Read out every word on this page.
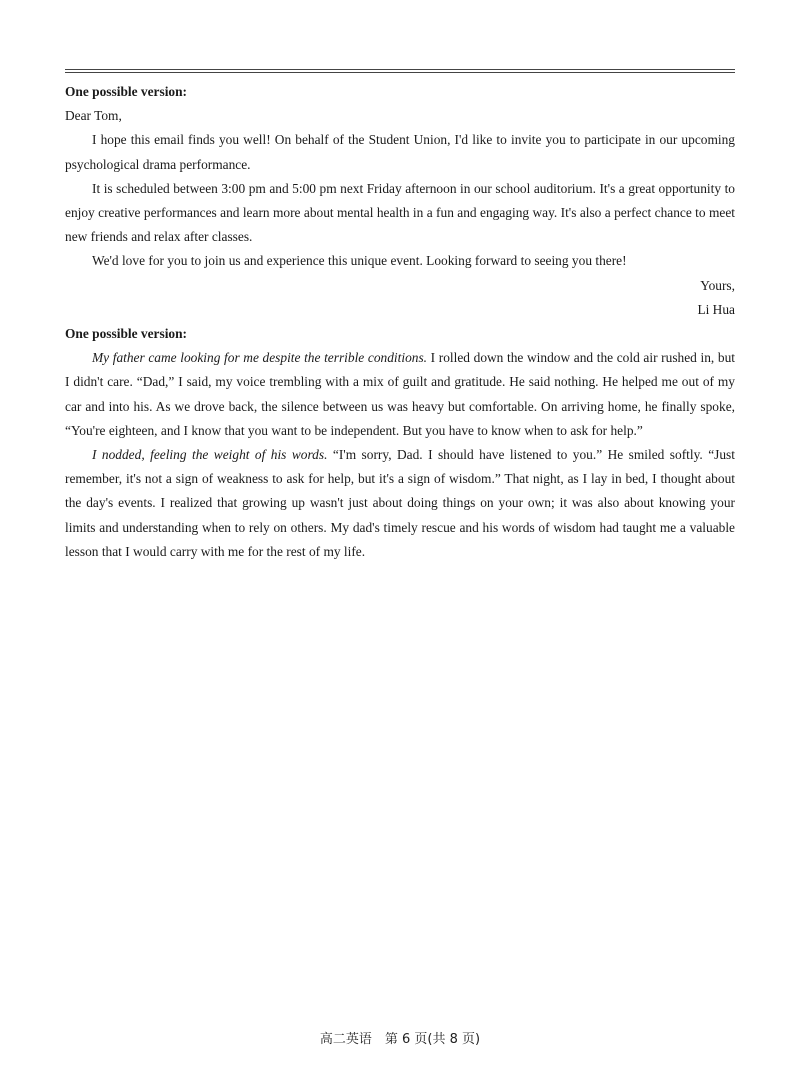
One possible version:

Dear Tom,

I hope this email finds you well! On behalf of the Student Union, I'd like to invite you to participate in our upcoming psychological drama performance.

It is scheduled between 3:00 pm and 5:00 pm next Friday afternoon in our school auditorium. It's a great opportunity to enjoy creative performances and learn more about mental health in a fun and engaging way. It's also a perfect chance to meet new friends and relax after classes.

We'd love for you to join us and experience this unique event. Looking forward to seeing you there!

Yours,

Li Hua

One possible version:

My father came looking for me despite the terrible conditions. I rolled down the window and the cold air rushed in, but I didn't care. “Dad,” I said, my voice trembling with a mix of guilt and gratitude. He said nothing. He helped me out of my car and into his. As we drove back, the silence between us was heavy but comfortable. On arriving home, he finally spoke, “You're eighteen, and I know that you want to be independent. But you have to know when to ask for help.”

I nodded, feeling the weight of his words. “I'm sorry, Dad. I should have listened to you.” He smiled softly. “Just remember, it's not a sign of weakness to ask for help, but it's a sign of wisdom.” That night, as I lay in bed, I thought about the day's events. I realized that growing up wasn't just about doing things on your own; it was also about knowing your limits and understanding when to rely on others. My dad's timely rescue and his words of wisdom had taught me a valuable lesson that I would carry with me for the rest of my life.

高二英语　第 6 页(共 8 页)
